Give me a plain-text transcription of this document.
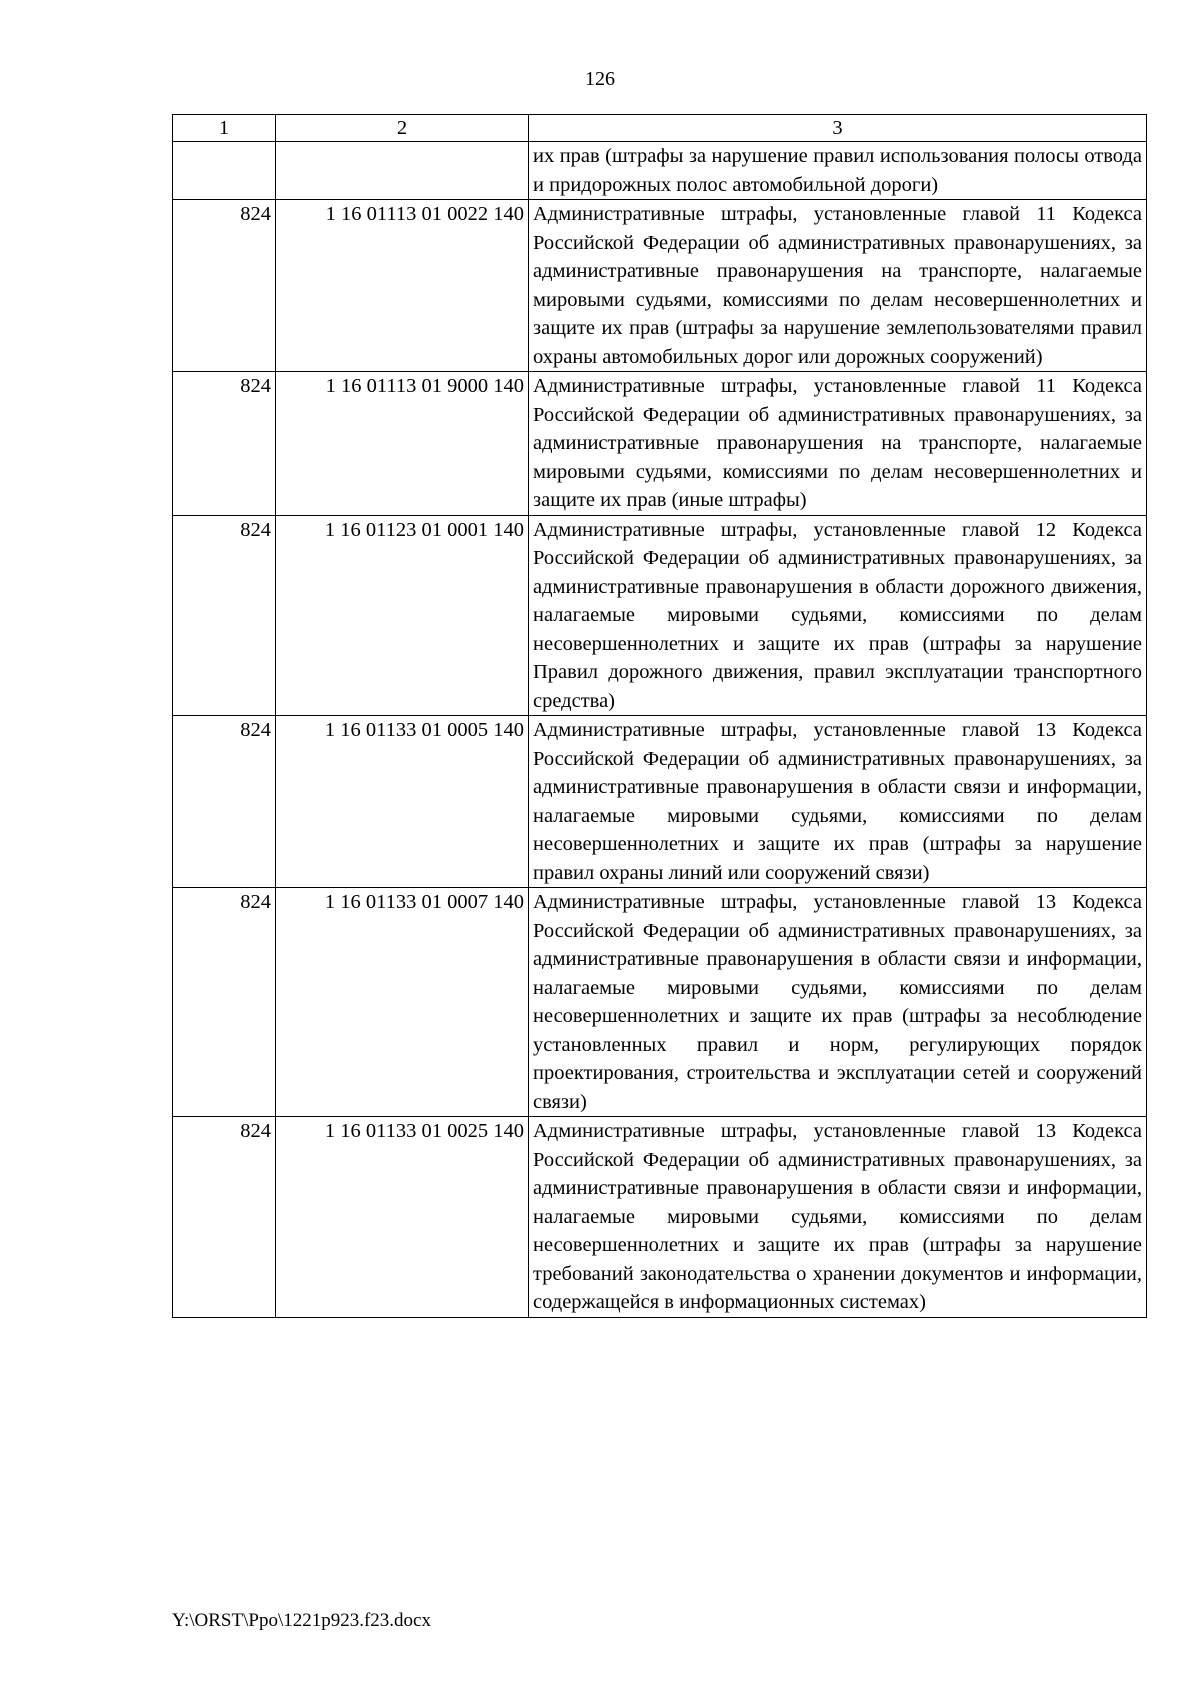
126
1	2	3
		их прав (штрафы за нарушение правил использования полосы отвода и придорожных полос автомобильной дороги)
824	1 16 01113 01 0022 140	Административные штрафы, установленные главой 11 Кодекса Российской Федерации об административных правонарушениях, за административные правонарушения на транспорте, налагаемые мировыми судьями, комиссиями по делам несовершеннолетних и защите их прав (штрафы за нарушение землепользователями правил охраны автомобильных дорог или дорожных сооружений)
824	1 16 01113 01 9000 140	Административные штрафы, установленные главой 11 Кодекса Российской Федерации об административных правонарушениях, за административные правонарушения на транспорте, налагаемые мировыми судьями, комиссиями по делам несовершеннолетних и защите их прав (иные штрафы)
824	1 16 01123 01 0001 140	Административные штрафы, установленные главой 12 Кодекса Российской Федерации об административных правонарушениях, за административные правонарушения в области дорожного движения, налагаемые мировыми судьями, комиссиями по делам несовершеннолетних и защите их прав (штрафы за нарушение Правил дорожного движения, правил эксплуатации транспортного средства)
824	1 16 01133 01 0005 140	Административные штрафы, установленные главой 13 Кодекса Российской Федерации об административных правонарушениях, за административные правонарушения в области связи и информации, налагаемые мировыми судьями, комиссиями по делам несовершеннолетних и защите их прав (штрафы за нарушение правил охраны линий или сооружений связи)
824	1 16 01133 01 0007 140	Административные штрафы, установленные главой 13 Кодекса Российской Федерации об административных правонарушениях, за административные правонарушения в области связи и информации, налагаемые мировыми судьями, комиссиями по делам несовершеннолетних и защите их прав (штрафы за несоблюдение установленных правил и норм, регулирующих порядок проектирования, строительства и эксплуатации сетей и сооружений связи)
824	1 16 01133 01 0025 140	Административные штрафы, установленные главой 13 Кодекса Российской Федерации об административных правонарушениях, за административные правонарушения в области связи и информации, налагаемые мировыми судьями, комиссиями по делам несовершеннолетних и защите их прав (штрафы за нарушение требований законодательства о хранении документов и информации, содержащейся в информационных системах)
Y:\ORST\Ppo\1221p923.f23.docx
